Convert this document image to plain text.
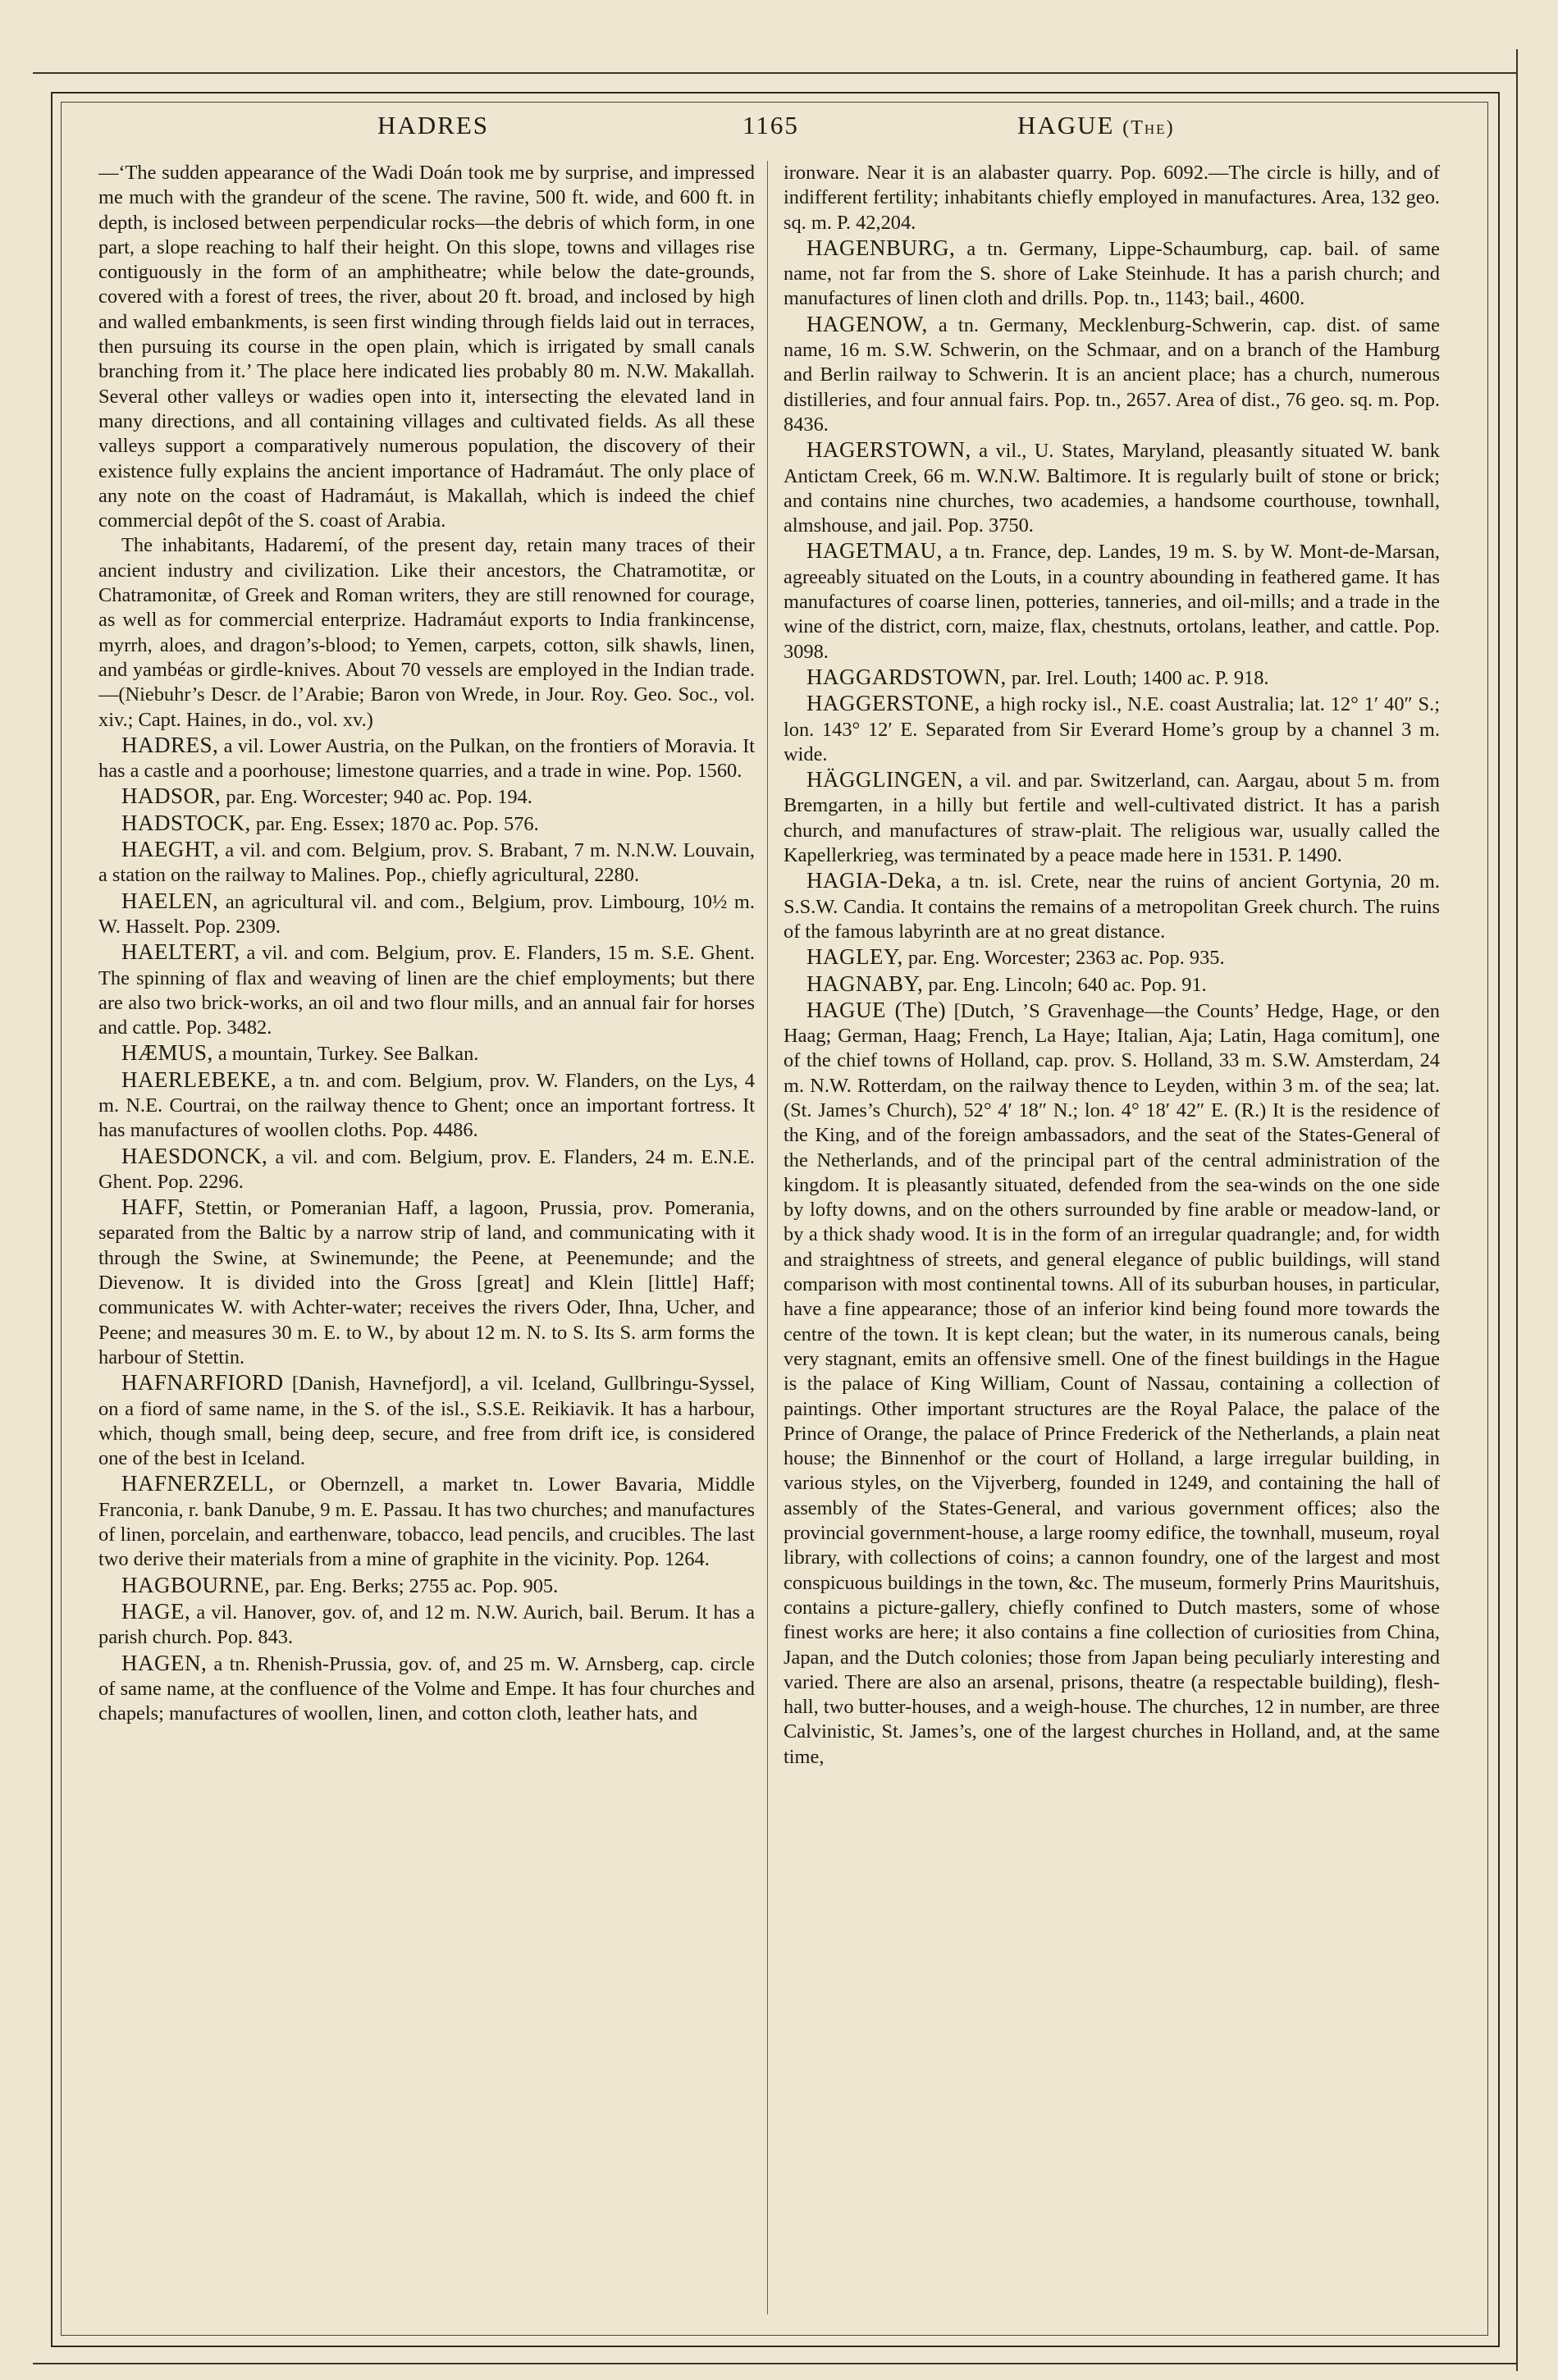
HADRES	1165	HAGUE (The)

—‘The sudden appearance of the Wadi Doán took me by surprise, and impressed me much with the grandeur of the scene. The ravine, 500 ft. wide, and 600 ft. in depth, is inclosed between perpendicular rocks—the debris of which form, in one part, a slope reaching to half their height. On this slope, towns and villages rise contiguously in the form of an amphitheatre; while below the date-grounds, covered with a forest of trees, the river, about 20 ft. broad, and inclosed by high and walled embankments, is seen first winding through fields laid out in terraces, then pursuing its course in the open plain, which is irrigated by small canals branching from it.’ The place here indicated lies probably 80 m. N.W. Makallah. Several other valleys or wadies open into it, intersecting the elevated land in many directions, and all containing villages and cultivated fields. As all these valleys support a comparatively numerous population, the discovery of their existence fully explains the ancient importance of Hadramáut. The only place of any note on the coast of Hadramáut, is Makallah, which is indeed the chief commercial depôt of the S. coast of Arabia.

The inhabitants, Hadaremí, of the present day, retain many traces of their ancient industry and civilization. Like their ancestors, the Chatramotitæ, or Chatramonitæ, of Greek and Roman writers, they are still renowned for courage, as well as for commercial enterprize. Hadramáut exports to India frankincense, myrrh, aloes, and dragon’s-blood; to Yemen, carpets, cotton, silk shawls, linen, and yambéas or girdle-knives. About 70 vessels are employed in the Indian trade. —(Niebuhr’s Descr. de l’Arabie; Baron von Wrede, in Jour. Roy. Geo. Soc., vol. xiv.; Capt. Haines, in do., vol. xv.)

HADRES, a vil. Lower Austria, on the Pulkan, on the frontiers of Moravia. It has a castle and a poorhouse; limestone quarries, and a trade in wine. Pop. 1560.

HADSOR, par. Eng. Worcester; 940 ac. Pop. 194.

HADSTOCK, par. Eng. Essex; 1870 ac. Pop. 576.

HAEGHT, a vil. and com. Belgium, prov. S. Brabant, 7 m. N.N.W. Louvain, a station on the railway to Malines. Pop., chiefly agricultural, 2280.

HAELEN, an agricultural vil. and com., Belgium, prov. Limbourg, 10½ m. W. Hasselt. Pop. 2309.

HAELTERT, a vil. and com. Belgium, prov. E. Flanders, 15 m. S.E. Ghent. The spinning of flax and weaving of linen are the chief employments; but there are also two brick-works, an oil and two flour mills, and an annual fair for horses and cattle. Pop. 3482.

HÆMUS, a mountain, Turkey. See Balkan.

HAERLEBEKE, a tn. and com. Belgium, prov. W. Flanders, on the Lys, 4 m. N.E. Courtrai, on the railway thence to Ghent; once an important fortress. It has manufactures of woollen cloths. Pop. 4486.

HAESDONCK, a vil. and com. Belgium, prov. E. Flanders, 24 m. E.N.E. Ghent. Pop. 2296.

HAFF, Stettin, or Pomeranian Haff, a lagoon, Prussia, prov. Pomerania, separated from the Baltic by a narrow strip of land, and communicating with it through the Swine, at Swinemunde; the Peene, at Peenemunde; and the Dievenow. It is divided into the Gross [great] and Klein [little] Haff; communicates W. with Achter-water; receives the rivers Oder, Ihna, Ucher, and Peene; and measures 30 m. E. to W., by about 12 m. N. to S. Its S. arm forms the harbour of Stettin.

HAFNARFIORD [Danish, Havnefjord], a vil. Iceland, Gullbringu-Syssel, on a fiord of same name, in the S. of the isl., S.S.E. Reikiavik. It has a harbour, which, though small, being deep, secure, and free from drift ice, is considered one of the best in Iceland.

HAFNERZELL, or Obernzell, a market tn. Lower Bavaria, Middle Franconia, r. bank Danube, 9 m. E. Passau. It has two churches; and manufactures of linen, porcelain, and earthenware, tobacco, lead pencils, and crucibles. The last two derive their materials from a mine of graphite in the vicinity. Pop. 1264.

HAGBOURNE, par. Eng. Berks; 2755 ac. Pop. 905.

HAGE, a vil. Hanover, gov. of, and 12 m. N.W. Aurich, bail. Berum. It has a parish church. Pop. 843.

HAGEN, a tn. Rhenish-Prussia, gov. of, and 25 m. W. Arnsberg, cap. circle of same name, at the confluence of the Volme and Empe. It has four churches and chapels; manufactures of woollen, linen, and cotton cloth, leather hats, and

ironware. Near it is an alabaster quarry. Pop. 6092.—The circle is hilly, and of indifferent fertility; inhabitants chiefly employed in manufactures. Area, 132 geo. sq. m. P. 42,204.

HAGENBURG, a tn. Germany, Lippe-Schaumburg, cap. bail. of same name, not far from the S. shore of Lake Steinhude. It has a parish church; and manufactures of linen cloth and drills. Pop. tn., 1143; bail., 4600.

HAGENOW, a tn. Germany, Mecklenburg-Schwerin, cap. dist. of same name, 16 m. S.W. Schwerin, on the Schmaar, and on a branch of the Hamburg and Berlin railway to Schwerin. It is an ancient place; has a church, numerous distilleries, and four annual fairs. Pop. tn., 2657. Area of dist., 76 geo. sq. m. Pop. 8436.

HAGERSTOWN, a vil., U. States, Maryland, pleasantly situated W. bank Antictam Creek, 66 m. W.N.W. Baltimore. It is regularly built of stone or brick; and contains nine churches, two academies, a handsome courthouse, townhall, almshouse, and jail. Pop. 3750.

HAGETMAU, a tn. France, dep. Landes, 19 m. S. by W. Mont-de-Marsan, agreeably situated on the Louts, in a country abounding in feathered game. It has manufactures of coarse linen, potteries, tanneries, and oil-mills; and a trade in the wine of the district, corn, maize, flax, chestnuts, ortolans, leather, and cattle. Pop. 3098.

HAGGARDSTOWN, par. Irel. Louth; 1400 ac. P. 918.

HAGGERSTONE, a high rocky isl., N.E. coast Australia; lat. 12° 1′ 40″ S.; lon. 143° 12′ E. Separated from Sir Everard Home’s group by a channel 3 m. wide.

HÄGGLINGEN, a vil. and par. Switzerland, can. Aargau, about 5 m. from Bremgarten, in a hilly but fertile and well-cultivated district. It has a parish church, and manufactures of straw-plait. The religious war, usually called the Kapellerkrieg, was terminated by a peace made here in 1531. P. 1490.

HAGIA-Deka, a tn. isl. Crete, near the ruins of ancient Gortynia, 20 m. S.S.W. Candia. It contains the remains of a metropolitan Greek church. The ruins of the famous labyrinth are at no great distance.

HAGLEY, par. Eng. Worcester; 2363 ac. Pop. 935.

HAGNABY, par. Eng. Lincoln; 640 ac. Pop. 91.

HAGUE (The) [Dutch, ’S Gravenhage—the Counts’ Hedge, Hage, or den Haag; German, Haag; French, La Haye; Italian, Aja; Latin, Haga comitum], one of the chief towns of Holland, cap. prov. S. Holland, 33 m. S.W. Amsterdam, 24 m. N.W. Rotterdam, on the railway thence to Leyden, within 3 m. of the sea; lat. (St. James’s Church), 52° 4′ 18″ N.; lon. 4° 18′ 42″ E. (R.) It is the residence of the King, and of the foreign ambassadors, and the seat of the States-General of the Netherlands, and of the principal part of the central administration of the kingdom. It is pleasantly situated, defended from the sea-winds on the one side by lofty downs, and on the others surrounded by fine arable or meadow-land, or by a thick shady wood. It is in the form of an irregular quadrangle; and, for width and straightness of streets, and general elegance of public buildings, will stand comparison with most continental towns. All of its suburban houses, in particular, have a fine appearance; those of an inferior kind being found more towards the centre of the town. It is kept clean; but the water, in its numerous canals, being very stagnant, emits an offensive smell. One of the finest buildings in the Hague is the palace of King William, Count of Nassau, containing a collection of paintings. Other important structures are the Royal Palace, the palace of the Prince of Orange, the palace of Prince Frederick of the Netherlands, a plain neat house; the Binnenhof or the court of Holland, a large irregular building, in various styles, on the Vijverberg, founded in 1249, and containing the hall of assembly of the States-General, and various government offices; also the provincial government-house, a large roomy edifice, the townhall, museum, royal library, with collections of coins; a cannon foundry, one of the largest and most conspicuous buildings in the town, &c. The museum, formerly Prins Mauritshuis, contains a picture-gallery, chiefly confined to Dutch masters, some of whose finest works are here; it also contains a fine collection of curiosities from China, Japan, and the Dutch colonies; those from Japan being peculiarly interesting and varied. There are also an arsenal, prisons, theatre (a respectable building), flesh-hall, two butter-houses, and a weigh-house. The churches, 12 in number, are three Calvinistic, St. James’s, one of the largest churches in Holland, and, at the same time,
